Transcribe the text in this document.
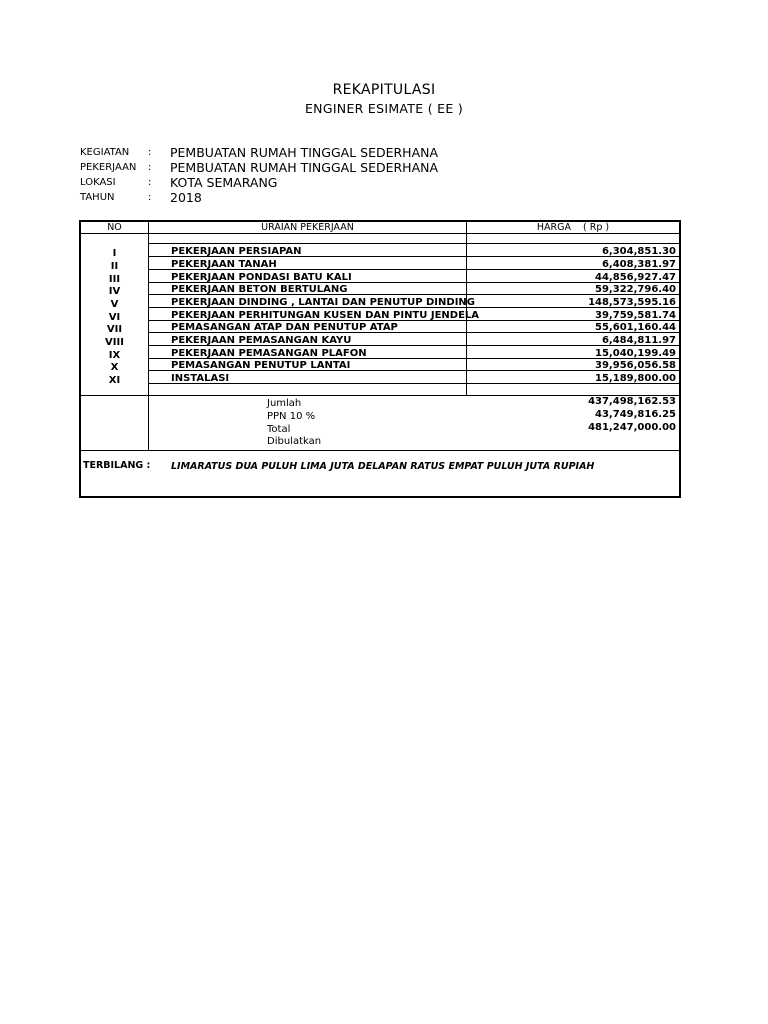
REKAPITULASI
ENGINER ESIMATE ( EE )
KEGIATAN : PEMBUATAN RUMAH TINGGAL SEDERHANA
PEKERJAAN : PEMBUATAN RUMAH TINGGAL SEDERHANA
LOKASI	: KOTA SEMARANG
TAHUN	: 2018
NO	URAIAN PEKERJAAN	HARGA    ( Rp )
I	PEKERJAAN PERSIAPAN	6,304,851.30
II	PEKERJAAN TANAH	6,408,381.97
III	PEKERJAAN PONDASI BATU KALI	44,856,927.47
IV	PEKERJAAN BETON BERTULANG	59,322,796.40
V	PEKERJAAN DINDING , LANTAI DAN PENUTUP DINDING	148,573,595.16
VI	PEKERJAAN PERHITUNGAN KUSEN DAN PINTU JENDELA	39,759,581.74
VII	PEMASANGAN ATAP DAN PENUTUP ATAP	55,601,160.44
VIII	PEKERJAAN PEMASANGAN KAYU	6,484,811.97
IX	PEKERJAAN PEMASANGAN PLAFON	15,040,199.49
X	PEMASANGAN PENUTUP LANTAI	39,956,056.58
XI	INSTALASI	15,189,800.00
Jumlah	437,498,162.53
PPN 10 %	43,749,816.25
Total	481,247,000.00
Dibulatkan
TERBILANG : LIMARATUS DUA PULUH LIMA JUTA DELAPAN RATUS EMPAT PULUH JUTA RUPIAH
